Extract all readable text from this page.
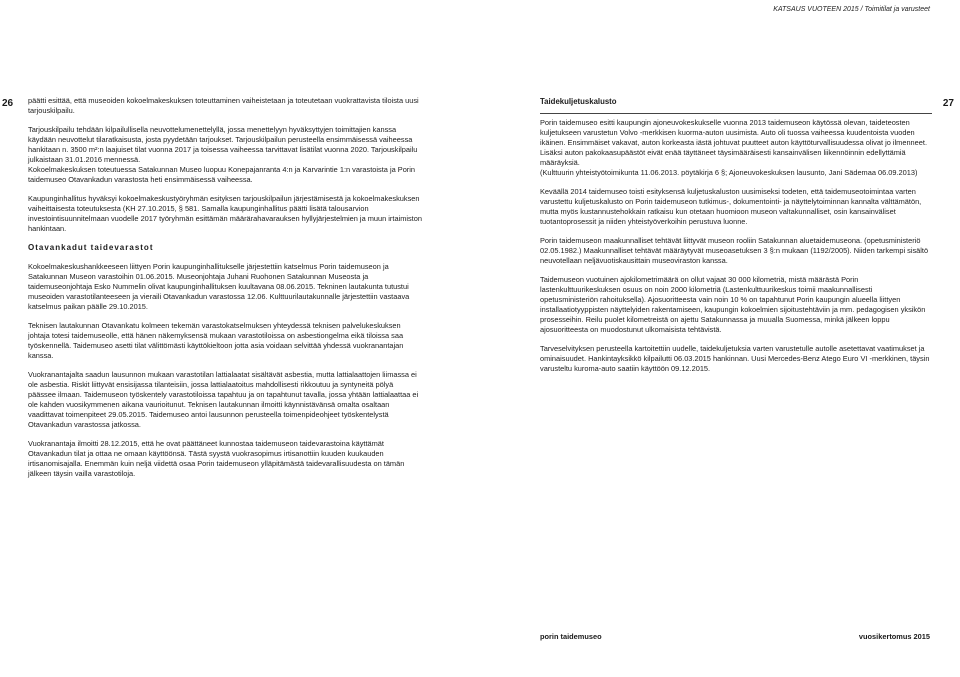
KATSAUS VUOTEEN 2015 / Toimitilat ja varusteet
26 päätti esittää, että museoiden kokoelmakeskuksen toteuttaminen vaiheistetaan ja toteutetaan vuokrattavista tiloista uusi tarjouskilpailu.

Tarjouskilpailu tehdään kilpailullisella neuvottelumenettelyllä, jossa menettelyyn hyväksyttyjen toimittajien kanssa käydään neuvottelut tilaratkaisusta, josta pyydetään tarjoukset. Tarjouskilpailun perusteella ensimmäisessä vaiheessa hankitaan n. 3500 m²:n laajuiset tilat vuonna 2017 ja toisessa vaiheessa tarvittavat lisätilat vuonna 2020. Tarjouskilpailu julkaistaan 31.01.2016 mennessä.

Kokoelmakeskuksen toteutuessa Satakunnan Museo luopuu Konepajanranta 4:n ja Karvarintie 1:n varastoista ja Porin taidemuseo Otavankadun varastosta heti ensimmäisessä vaiheessa.

Kaupunginhallitus hyväksyi kokoelmakeskustyöryhmän esityksen tarjouskilpailun järjestämisestä ja kokoelmakeskuksen vaiheittaisesta toteutuksesta (KH 27.10.2015, § 581. Samalla kaupunginhallitus päätti lisätä talousarvion investointisuunnitelmaan vuodelle 2017 työryhmän esittämän määrärahavarauksen hyllyjärjestelmien ja muun irtaimiston hankintaan.

Otavankadut taidevarastot

Kokoelmakeskushankkeeseen liittyen Porin kaupunginhallitukselle järjestettiin katselmus Porin taidemuseon ja Satakunnan Museon varastoihin 01.06.2015. Museonjohtaja Juhani Ruohonen Satakunnan Museosta ja taidemuseonjohtaja Esko Nummelin olivat kaupunginhallituksen kuultavana 08.06.2015. Tekninen lautakunta tutustui museoiden varastotilanteeseen ja vieraili Otavankadun varastossa 12.06. Kulttuurilautakunnalle järjestettiin vastaava katselmus paikan päälle 29.10.2015.

Teknisen lautakunnan Otavankatu kolmeen tekemän varastokatselmuksen yhteydessä teknisen palvelukeskuksen johtaja totesi taidemuseolle, että hänen näkemyksensä mukaan varastotiloissa on asbestiongelma eikä tiloissa saa työskennellä. Taidemuseo asetti tilat välittömästi käyttökieltoon jotta asia voidaan selvittää yhdessä vuokranantajan kanssa.

Vuokranantajalta saadun lausunnon mukaan varastotilan lattialaatat sisältävät asbestia, mutta lattialaattojen liimassa ei ole asbestia. Riskit liittyvät ensisijassa tilanteisiin, jossa lattialaatoitus mahdollisesti rikkoutuu ja syntyneitä pölyä päässee ilmaan. Taidemuseon työskentely varastotiloissa tapahtuu ja on tapahtunut tavalla, jossa yhtään lattialaattaa ei ole kahden vuosikymmenen aikana vaurioitunut. Teknisen lautakunnan ilmoitti käynnistävänsä omalta osaltaan vaadittavat toimenpiteet 29.05.2015. Taidemuseo antoi lausunnon perusteella toimenpideohjeet työskentelystä Otavankadun varastossa jatkossa.

Vuokranantaja ilmoitti 28.12.2015, että he ovat päättäneet kunnostaa taidemuseon taidevarastoina käyttämät Otavankadun tilat ja ottaa ne omaan käyttöönsä. Tästä syystä vuokrasopimus irtisanottiin kuuden kuukauden irtisanomisajalla. Enemmän kuin neljä viidettä osaa Porin taidemuseon ylläpitämästä taidevarallisuudesta on tämän jälkeen täysin vailla varastotiloja.

27
Taidekuljetuskalusto

Porin taidemuseo esitti kaupungin ajoneuvokeskukselle vuonna 2013 taidemuseon käytössä olevan, taideteosten kuljetukseen varustetun Volvo -merkkisen kuorma-auton uusimista. Auto oli tuossa vaiheessa kuudentoista vuoden ikäinen. Ensimmäiset vakavat, auton korkeasta iästä johtuvat puutteet auton käyttöturvallisuudessa olivat jo ilmenneet. Lisäksi auton pakokaasupäästöt eivät enää täyttäneet täysimääräisesti kansainvälisen liikennöinnin edellyttämiä määräyksiä.
(Kulttuurin yhteistyötoimikunta 11.06.2013. pöytäkirja 6 §; Ajoneuvokeskuksen lausunto, Jani Sädemaa 06.09.2013)

Keväällä 2014 taidemuseo toisti esityksensä kuljetuskaluston uusimiseksi todeten, että taidemuseotoimintaa varten varustettu kuljetuskalusto on Porin taidemuseon tutkimus-, dokumentointi- ja näyttelytoiminnan kannalta välttämätön, mutta myös kustannustehokkain ratkaisu kun otetaan huomioon museon valtakunnalliset, osin kansainväliset tuotantoprosessit ja niiden yhteistyöverkoihin perustuva luonne.

Porin taidemuseon maakunnalliset tehtävät liittyvät museon rooliin Satakunnan aluetaidemuseona. (opetusministeriö 02.05.1982.) Maakunnalliset tehtävät määräytyvät museoasetuksen 3 §:n mukaan (1192/2005). Niiden tarkempi sisältö neuvotellaan neljävuotiskausittain museoviraston kanssa.

Taidemuseon vuotuinen ajokilometrimäärä on ollut vajaat 30 000 kilometriä, mistä määrästä Porin lastenkulttuurikeskuksen osuus on noin 2000 kilometriä (Lastenkulttuurikeskus toimii maakunnallisesti opetusministeriön rahoituksella). Ajosuoritteesta vain noin 10 % on tapahtunut Porin kaupungin alueella liittyen installaatiotyyppisten näyttelyiden rakentamiseen, kaupungin kokoelmien sijoitustehtäviin ja mm. pedagogisen yksikön prosesseihin. Reilu puolet kilometreistä on ajettu Satakunnassa ja muualla Suomessa, minkä jälkeen loppu ajosuoritteesta on muodostunut ulkomaisista tehtävistä.

Tarveselvityksen perusteella kartoitettiin uudelle, taidekuljetuksia varten varustetulle autolle asetettavat vaatimukset ja ominaisuudet. Hankintayksikkö kilpailutti 06.03.2015 hankinnan. Uusi Mercedes-Benz Atego Euro VI -merkkinen, täysin varusteltu kuroma-auto saatiin käyttöön 09.12.2015.

porin taidemuseo	vuosikertomus 2015
